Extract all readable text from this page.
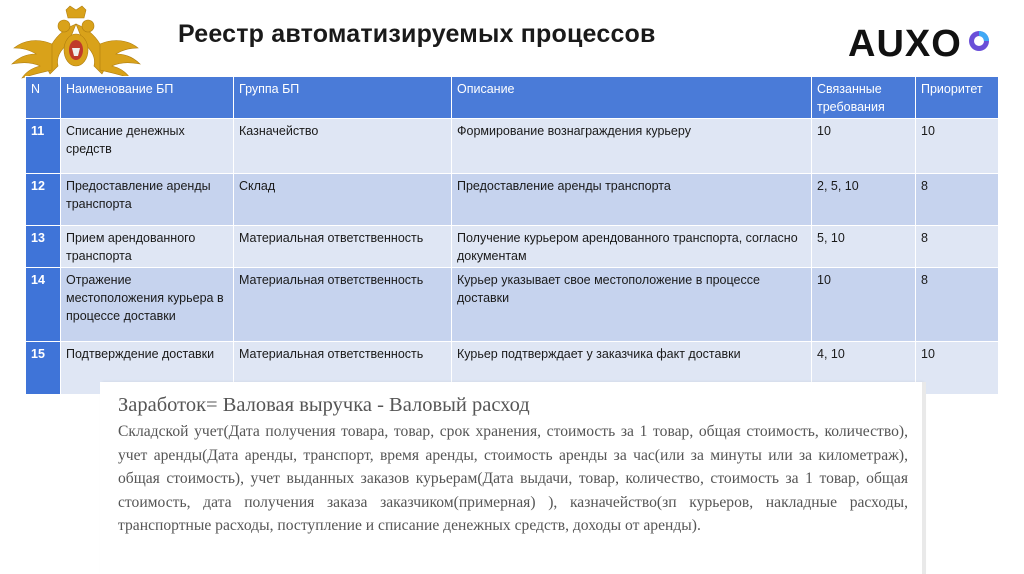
Реестр автоматизируемых процессов	AUXO
N	Наименование БП	Группа БП	Описание	Связанные требования	Приоритет
11	Списание денежных средств	Казначейство	Формирование вознаграждения курьеру	10	10
12	Предоставление аренды транспорта	Склад	Предоставление аренды транспорта	2, 5, 10	8
13	Прием арендованного транспорта	Материальная ответственность	Получение курьером арендованного транспорта, согласно документам	5, 10	8
14	Отражение местоположения курьера в процессе доставки	Материальная ответственность	Курьер указывает свое местоположение в процессе доставки	10	8
15	Подтверждение доставки	Материальная ответственность	Курьер подтверждает у заказчика факт доставки	4, 10	10
Заработок= Валовая выручка - Валовый расход
Складской учет(Дата получения товара, товар, срок хранения, стоимость за 1 товар, общая стоимость, количество), учет аренды(Дата аренды, транспорт, время аренды, стоимость аренды за час(или за минуты или за километраж), общая стоимость), учет выданных заказов курьерам(Дата выдачи, товар, количество, стоимость за 1 товар, общая стоимость, дата получения заказа заказчиком(примерная) ), казначейство(зп курьеров, накладные расходы, транспортные расходы, поступление и списание денежных средств, доходы от аренды).
